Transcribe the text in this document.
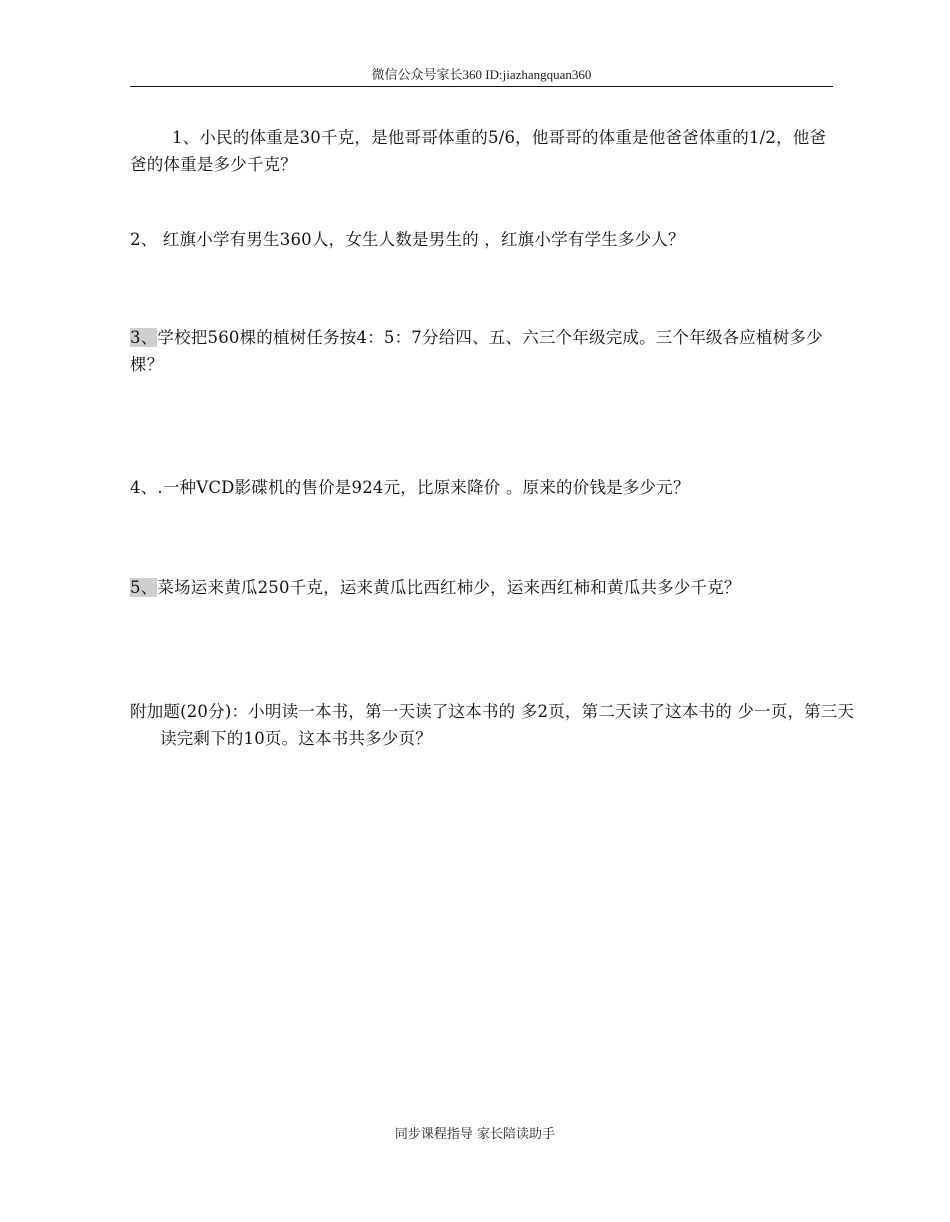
微信公众号家长360 ID:jiazhangquan360
1、小民的体重是30千克，是他哥哥体重的5/6，他哥哥的体重是他爸爸体重的1/2，他爸爸的体重是多少千克？
2、 红旗小学有男生360人，女生人数是男生的 ，红旗小学有学生多少人？
3、学校把560棵的植树任务按4：5：7分给四、五、六三个年级完成。三个年级各应植树多少棵？
4、.一种VCD影碟机的售价是924元，比原来降价 。原来的价钱是多少元？
5、菜场运来黄瓜250千克，运来黄瓜比西红柿少，运来西红柿和黄瓜共多少千克？
附加题(20分)：小明读一本书，第一天读了这本书的 多2页，第二天读了这本书的 少一页，第三天读完剩下的10页。这本书共多少页？
同步课程指导 家长陪读助手
